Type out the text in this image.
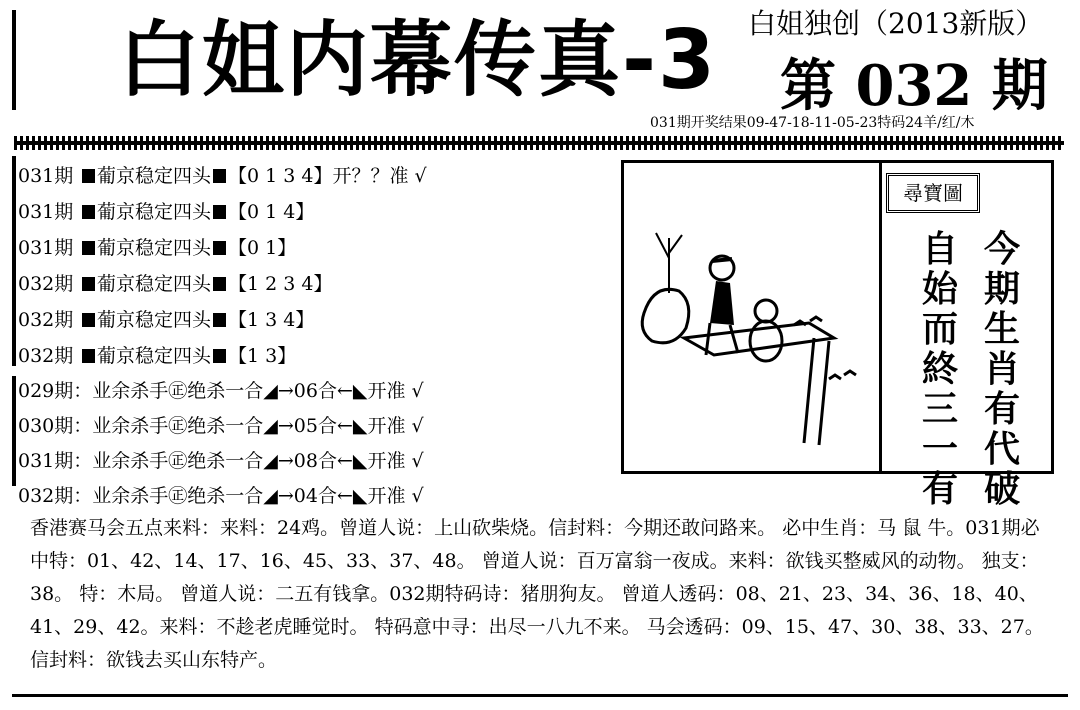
白姐内幕传真-3 白姐独创（2013新版）
第 032 期
031期开奖结果09-47-18-11-05-23特码24羊/红/木
031期 葡京稳定四头 【0 1 3 4】开？？准 √
031期 葡京稳定四头 【0 1 4】
031期 葡京稳定四头 【0 1】
032期 葡京稳定四头 【1 2 3 4】
032期 葡京稳定四头 【1 3 4】
032期 葡京稳定四头 【1 3】
029期：业余杀手㊣绝杀一合◢→06合←◣开准 √
030期：业余杀手㊣绝杀一合◢→05合←◣开准 √
031期：业余杀手㊣绝杀一合◢→08合←◣开准 √
032期：业余杀手㊣绝杀一合◢→04合←◣开准 √
尋寶圖
今期生肖有代破
自始而終三一有
香港赛马会五点来料：来料：24鸡。曾道人说：上山砍柴烧。信封料：今期还敢问路来。 必中生肖：马 鼠 牛。031期必中特：01、42、14、17、16、45、33、37、48。 曾道人说：百万富翁一夜成。来料：欲钱买整威风的动物。 独支：38。 特：木局。 曾道人说：二五有钱拿。032期特码诗：猪朋狗友。 曾道人透码：08、21、23、34、36、18、40、41、29、42。来料：不趁老虎睡觉时。 特码意中寻：出尽一八九不来。 马会透码：09、15、47、30、38、33、27。 信封料：欲钱去买山东特产。
